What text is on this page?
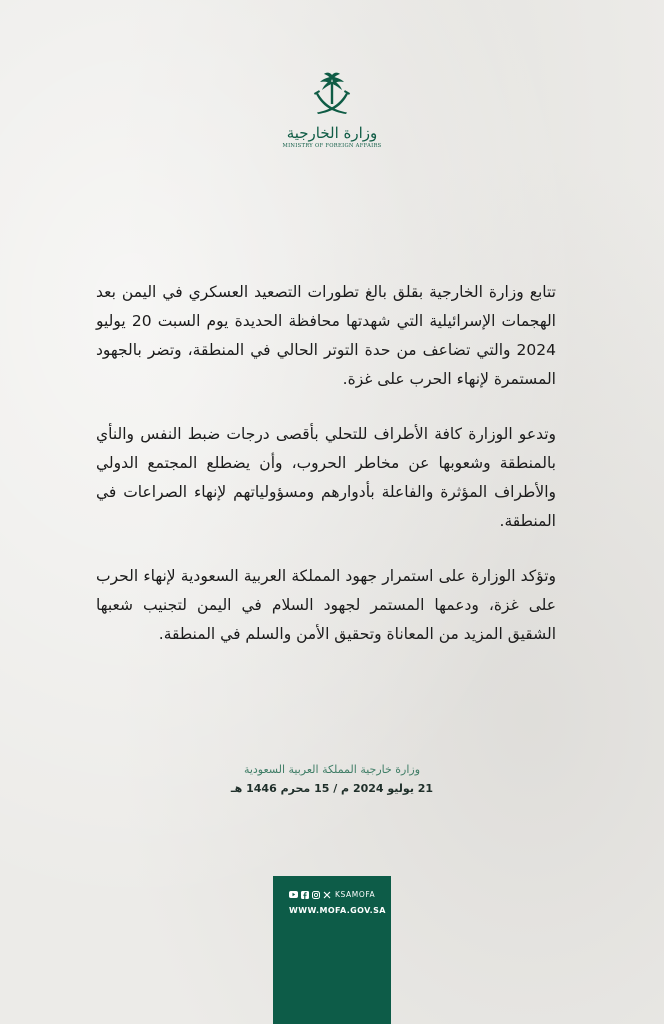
وزارة الخارجية
MINISTRY OF FOREIGN AFFAIRS

تتابع وزارة الخارجية بقلق بالغ تطورات التصعيد العسكري في اليمن بعد الهجمات الإسرائيلية التي شهدتها محافظة الحديدة يوم السبت 20 يوليو 2024 والتي تضاعف من حدة التوتر الحالي في المنطقة، وتضر بالجهود المستمرة لإنهاء الحرب على غزة.

وتدعو الوزارة كافة الأطراف للتحلي بأقصى درجات ضبط النفس والنأي بالمنطقة وشعوبها عن مخاطر الحروب، وأن يضطلع المجتمع الدولي والأطراف المؤثرة والفاعلة بأدوارهم ومسؤولياتهم لإنهاء الصراعات في المنطقة.

وتؤكد الوزارة على استمرار جهود المملكة العربية السعودية لإنهاء الحرب على غزة، ودعمها المستمر لجهود السلام في اليمن لتجنيب شعبها الشقيق المزيد من المعاناة وتحقيق الأمن والسلم في المنطقة.

وزارة خارجية المملكة العربية السعودية
21 يوليو 2024 م / 15 محرم 1446 هـ
KSAMOFA
WWW.MOFA.GOV.SA
